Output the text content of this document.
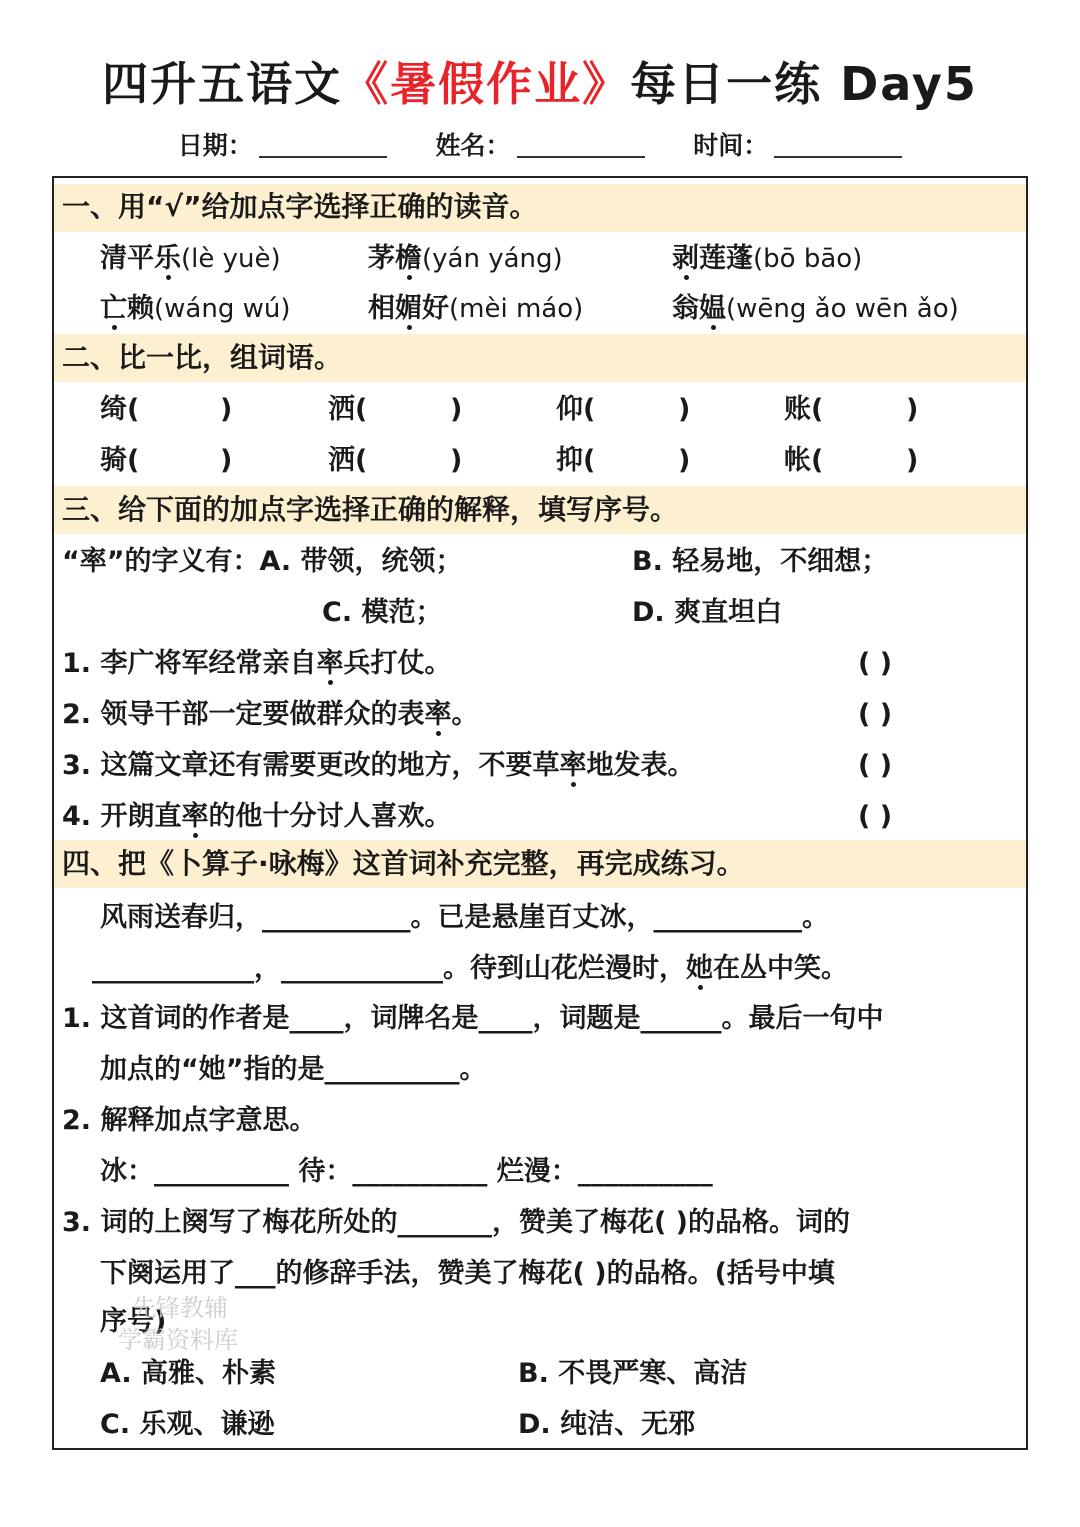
四升五语文《暑假作业》每日一练 Day5
日期：	姓名：	时间：
一、用“√”给加点字选择正确的读音。
清平乐(lè yuè)	茅檐(yán yáng)	剥莲蓬(bō bāo)
亡赖(wáng wú)	相媚好(mèi máo)	翁媪(wēng ǎo wēn ǎo)
二、比一比，组词语。
绮(	)	洒(	)	仰(	)	账(	)
骑(	)	洒(	)	抑(	)	帐(	)
三、给下面的加点字选择正确的解释，填写序号。
“率”的字义有：A. 带领，统领；	B. 轻易地，不细想；
C. 模范；	D. 爽直坦白
1. 李广将军经常亲自率兵打仗。	( )
2. 领导干部一定要做群众的表率。	( )
3. 这篇文章还有需要更改的地方，不要草率地发表。	( )
4. 开朗直率的他十分讨人喜欢。	( )
四、把《卜算子·咏梅》这首词补充完整，再完成练习。
风雨送春归，___________。已是悬崖百丈冰，___________。
____________，____________。待到山花烂漫时，她在丛中笑。
1. 这首词的作者是____，词牌名是____，词题是______。最后一句中
加点的“她”指的是__________。
2. 解释加点字意思。
冰：__________ 待：__________ 烂漫：__________
3. 词的上阕写了梅花所处的_______，赞美了梅花( )的品格。词的
下阕运用了___的修辞手法，赞美了梅花( )的品格。(括号中填
序号)
A. 高雅、朴素	B. 不畏严寒、高洁
C. 乐观、谦逊	D. 纯洁、无邪
先锋教辅
学霸资料库
